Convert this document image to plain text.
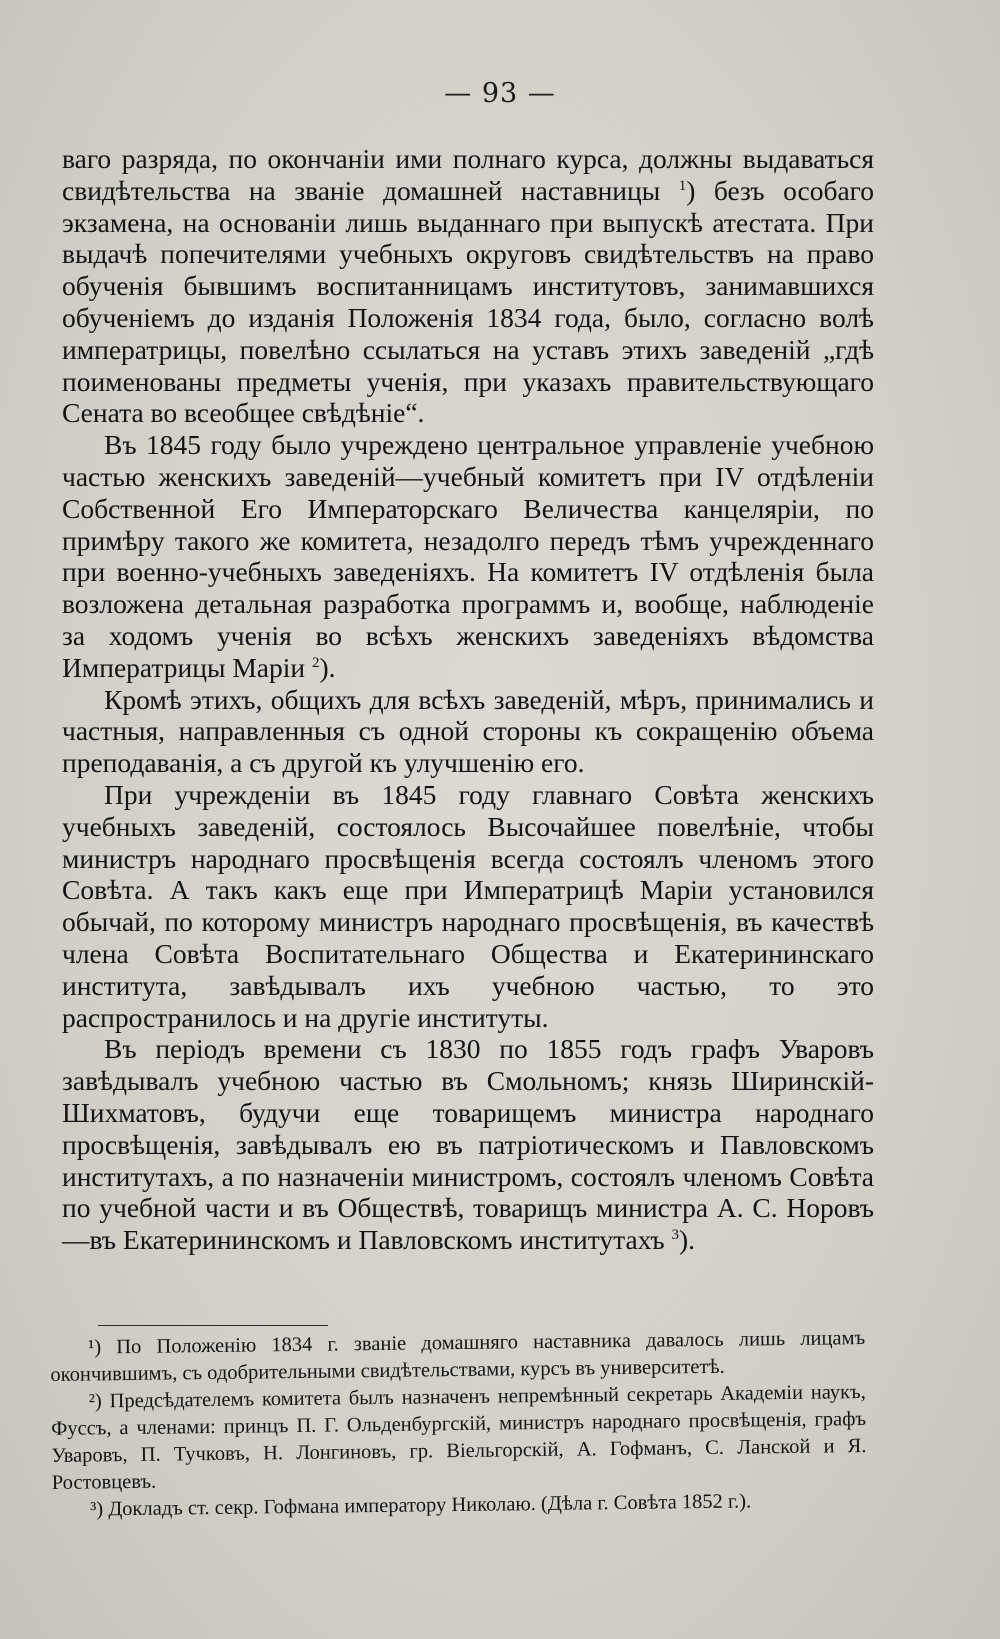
— 93 —

ваго разряда, по окончаніи ими полнаго курса, должны выдаваться свидѣтельства на званіе домашней наставницы $^1$) безъ особаго экзамена, на основаніи лишь выданнаго при выпускѣ атестата. При выдачѣ попечителями учебныхъ округовъ свидѣтельствъ на право обученія бывшимъ воспитанницамъ институтовъ, занимавшихся обученіемъ до изданія Положенія 1834 года, было, согласно волѣ императрицы, повелѣно ссылаться на уставъ этихъ заведеній „гдѣ поименованы предметы ученія, при указахъ правительствующаго Сената во всеобщее свѣдѣніе“.

Въ 1845 году было учреждено центральное управленіе учебною частью женскихъ заведеній—учебный комитетъ при IV отдѣленіи Собственной Его Императорскаго Величества канцеляріи, по примѣру такого же комитета, незадолго передъ тѣмъ учрежденнаго при военно-учебныхъ заведеніяхъ. На комитетъ IV отдѣленія была возложена детальная разработка программъ и, вообще, наблюденіе за ходомъ ученія во всѣхъ женскихъ заведеніяхъ вѣдомства Императрицы Маріи $^2$).

Кромѣ этихъ, общихъ для всѣхъ заведеній, мѣръ, принимались и частныя, направленныя съ одной стороны къ сокращенію объема преподаванія, а съ другой къ улучшенію его.

При учрежденіи въ 1845 году главнаго Совѣта женскихъ учебныхъ заведеній, состоялось Высочайшее повелѣніе, чтобы министръ народнаго просвѣщенія всегда состоялъ членомъ этого Совѣта. А такъ какъ еще при Императрицѣ Маріи установился обычай, по которому министръ народнаго просвѣщенія, въ качествѣ члена Совѣта Воспитательнаго Общества и Екатерининскаго института, завѣдывалъ ихъ учебною частью, то это распространилось и на другіе институты.

Въ періодъ времени съ 1830 по 1855 годъ графъ Уваровъ завѣдывалъ учебною частью въ Смольномъ; князь Ширинскій-Шихматовъ, будучи еще товарищемъ министра народнаго просвѣщенія, завѣдывалъ ею въ патріотическомъ и Павловскомъ институтахъ, а по назначеніи министромъ, состоялъ членомъ Совѣта по учебной части и въ Обществѣ, товарищъ министра А. С. Норовъ—въ Екатерининскомъ и Павловскомъ институтахъ $^3$).

¹) По Положенію 1834 г. званіе домашняго наставника давалось лишь лицамъ окончившимъ, съ одобрительными свидѣтельствами, курсъ въ университетѣ.

²) Предсѣдателемъ комитета былъ назначенъ непремѣнный секретарь Академіи наукъ, Фуссъ, а членами: принцъ П. Г. Ольденбургскій, министръ народнаго просвѣщенія, графъ Уваровъ, П. Тучковъ, Н. Лонгиновъ, гр. Віельгорскій, А. Гофманъ, С. Ланской и Я. Ростовцевъ.

³) Докладъ ст. секр. Гофмана императору Николаю. (Дѣла г. Совѣта 1852 г.).
